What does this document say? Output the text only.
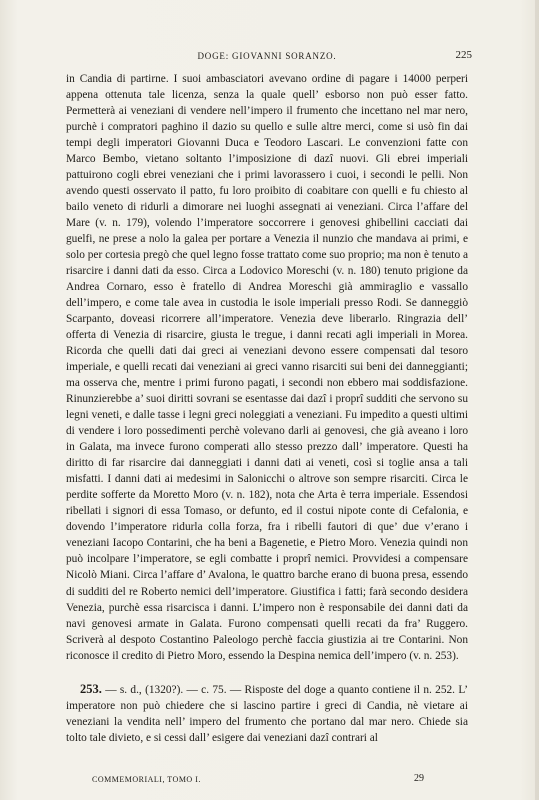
DOGE: GIOVANNI SORANZO.	225

in Candia di partirne. I suoi ambasciatori avevano ordine di pagare i 14000 perperi appena ottenuta tale licenza, senza la quale quell’ esborso non può esser fatto. Permetterà ai veneziani di vendere nell’impero il frumento che incettano nel mar nero, purchè i compratori paghino il dazio su quello e sulle altre merci, come si usò fin dai tempi degli imperatori Giovanni Duca e Teodoro Lascari. Le convenzioni fatte con Marco Bembo, vietano soltanto l’imposizione di dazî nuovi. Gli ebrei imperiali pattuirono cogli ebrei veneziani che i primi lavorassero i cuoi, i secondi le pelli. Non avendo questi osservato il patto, fu loro proibito di coabitare con quelli e fu chiesto al bailo veneto di ridurli a dimorare nei luoghi assegnati ai veneziani. Circa l’affare del Mare (v. n. 179), volendo l’imperatore soccorrere i genovesi ghibellini cacciati dai guelfi, ne prese a nolo la galea per portare a Venezia il nunzio che mandava ai primi, e solo per cortesia pregò che quel legno fosse trattato come suo proprio; ma non è tenuto a risarcire i danni dati da esso. Circa a Lodovico Moreschi (v. n. 180) tenuto prigione da Andrea Cornaro, esso è fratello di Andrea Moreschi già ammiraglio e vassallo dell’impero, e come tale avea in custodia le isole imperiali presso Rodi. Se danneggiò Scarpanto, doveasi ricorrere all’imperatore. Venezia deve liberarlo. Ringrazia dell’ offerta di Venezia di risarcire, giusta le tregue, i danni recati agli imperiali in Morea. Ricorda che quelli dati dai greci ai veneziani devono essere compensati dal tesoro imperiale, e quelli recati dai veneziani ai greci vanno risarciti sui beni dei danneggianti; ma osserva che, mentre i primi furono pagati, i secondi non ebbero mai soddisfazione. Rinunzierebbe a’ suoi diritti sovrani se esentasse dai dazî i proprî sudditi che servono su legni veneti, e dalle tasse i legni greci noleggiati a veneziani. Fu impedito a questi ultimi di vendere i loro possedimenti perchè volevano darli ai genovesi, che già aveano i loro in Galata, ma invece furono comperati allo stesso prezzo dall’ imperatore. Questi ha diritto di far risarcire dai danneggiati i danni dati ai veneti, così si toglie ansa a tali misfatti. I danni dati ai medesimi in Salonicchi o altrove son sempre risarciti. Circa le perdite sofferte da Moretto Moro (v. n. 182), nota che Arta è terra imperiale. Essendosi ribellati i signori di essa Tomaso, or defunto, ed il costui nipote conte di Cefalonia, e dovendo l’imperatore ridurla colla forza, fra i ribelli fautori di que’ due v’erano i veneziani Iacopo Contarini, che ha beni a Bagenetie, e Pietro Moro. Venezia quindi non può incolpare l’imperatore, se egli combatte i proprî nemici. Provvidesi a compensare Nicolò Miani. Circa l’affare d’ Avalona, le quattro barche erano di buona presa, essendo di sudditi del re Roberto nemici dell’imperatore. Giustifica i fatti; farà secondo desidera Venezia, purchè essa risarcisca i danni. L’impero non è responsabile dei danni dati da navi genovesi armate in Galata. Furono compensati quelli recati da fra’ Ruggero. Scriverà al despoto Costantino Paleologo perchè faccia giustizia ai tre Contarini. Non riconosce il credito di Pietro Moro, essendo la Despina nemica dell’impero (v. n. 253).

253. — s. d., (1320?). — c. 75. — Risposte del doge a quanto contiene il n. 252. L’ imperatore non può chiedere che si lascino partire i greci di Candia, nè vietare ai veneziani la vendita nell’ impero del frumento che portano dal mar nero. Chiede sia tolto tale divieto, e si cessi dall’ esigere dai veneziani dazî contrari al

COMMEMORIALI, TOMO I.	29
